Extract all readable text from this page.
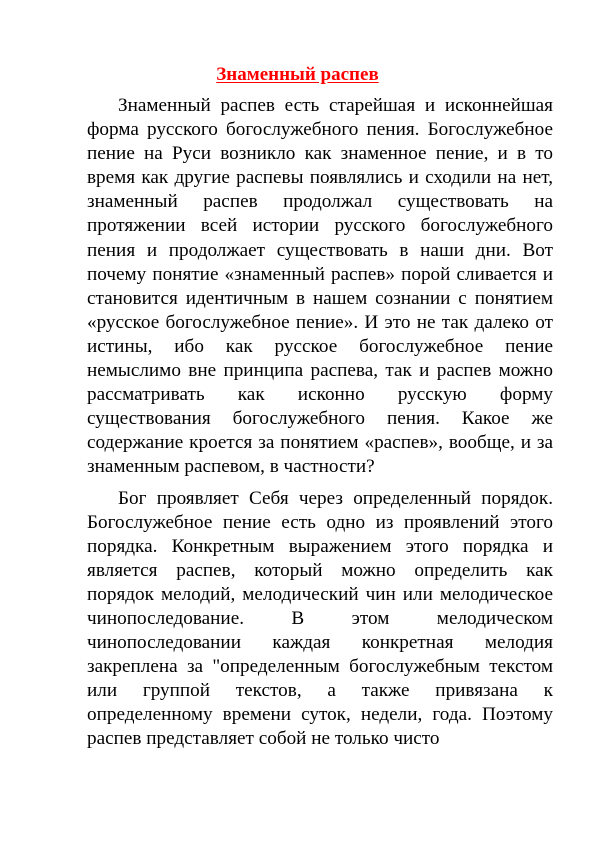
Знаменный распев

Знаменный распев есть старейшая и исконнейшая форма русского богослужебного пения. Богослужебное пение на Руси возникло как знаменное пение, и в то время как другие распевы появлялись и сходили на нет, знаменный распев продолжал существовать на протяжении всей истории русского богослужебного пения и продолжает существовать в наши дни. Вот почему понятие «знаменный распев» порой сливается и становится идентичным в нашем сознании с понятием «русское богослужебное пение». И это не так далеко от истины, ибо как русское богослужебное пение немыслимо вне принципа распева, так и распев можно рассматривать как исконно русскую форму существования богослужебного пения. Какое же содержание кроется за понятием «распев», вообще, и за знаменным распевом, в частности?

Бог проявляет Себя через определенный порядок. Богослужебное пение есть одно из проявлений этого порядка. Конкретным выражением этого порядка и является распев, который можно определить как порядок мелодий, мелодический чин или мелодическое чинопоследование. В этом мелодическом чинопоследовании каждая конкретная мелодия закреплена за "определенным богослужебным текстом или группой текстов, а также привязана к определенному времени суток, недели, года. Поэтому распев представляет собой не только чисто
